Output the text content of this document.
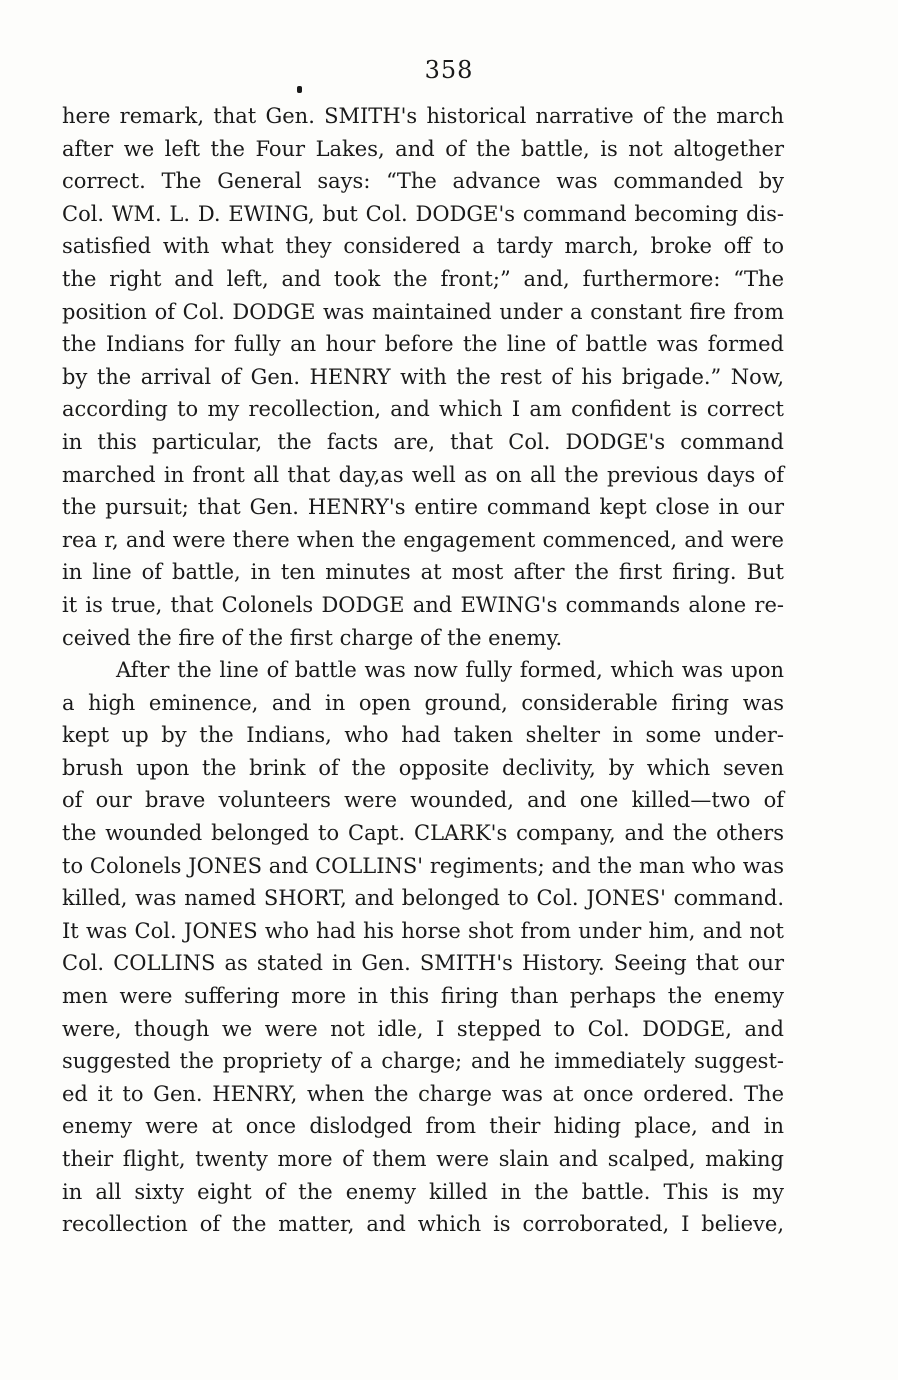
358
here remark, that Gen. SMITH's historical narrative of the march
after we left the Four Lakes, and of the battle, is not altogether
correct. The General says: “The advance was commanded by
Col. WM. L. D. EWING, but Col. DODGE's command becoming dis-
satisfied with what they considered a tardy march, broke off to
the right and left, and took the front;” and, furthermore: “The
position of Col. DODGE was maintained under a constant fire from
the Indians for fully an hour before the line of battle was formed
by the arrival of Gen. HENRY with the rest of his brigade.” Now,
according to my recollection, and which I am confident is correct
in this particular, the facts are, that Col. DODGE's command
marched in front all that day,as well as on all the previous days of
the pursuit; that Gen. HENRY's entire command kept close in our
rea r, and were there when the engagement commenced, and were
in line of battle, in ten minutes at most after the first firing. But
it is true, that Colonels DODGE and EWING's commands alone re-
ceived the fire of the first charge of the enemy.
After the line of battle was now fully formed, which was upon
a high eminence, and in open ground, considerable firing was
kept up by the Indians, who had taken shelter in some under-
brush upon the brink of the opposite declivity, by which seven
of our brave volunteers were wounded, and one killed—two of
the wounded belonged to Capt. CLARK's company, and the others
to Colonels JONES and COLLINS' regiments; and the man who was
killed, was named SHORT, and belonged to Col. JONES' command.
It was Col. JONES who had his horse shot from under him, and not
Col. COLLINS as stated in Gen. SMITH's History. Seeing that our
men were suffering more in this firing than perhaps the enemy
were, though we were not idle, I stepped to Col. DODGE, and
suggested the propriety of a charge; and he immediately suggest-
ed it to Gen. HENRY, when the charge was at once ordered. The
enemy were at once dislodged from their hiding place, and in
their flight, twenty more of them were slain and scalped, making
in all sixty eight of the enemy killed in the battle. This is my
recollection of the matter, and which is corroborated, I believe,
